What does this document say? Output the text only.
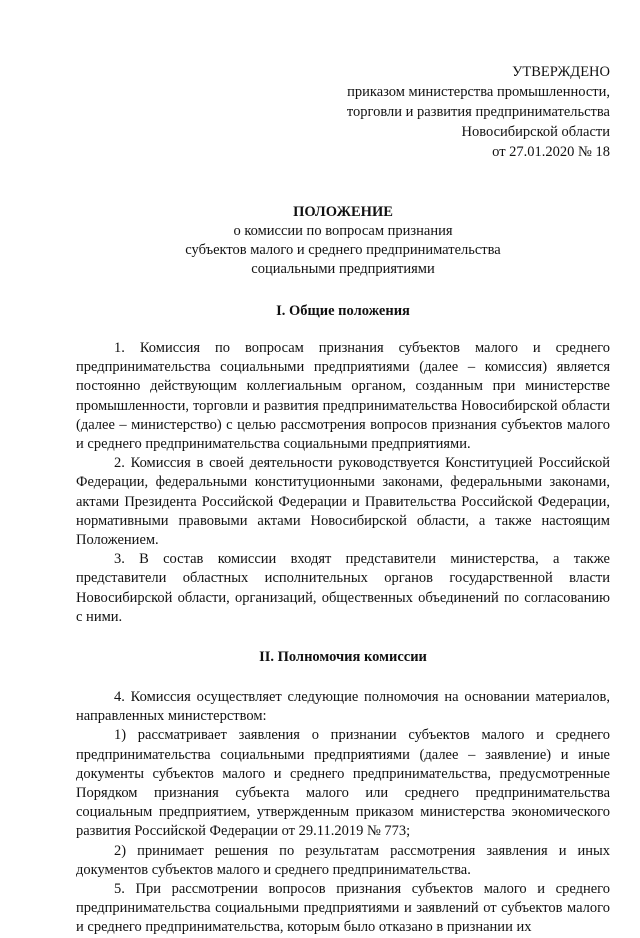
УТВЕРЖДЕНО
приказом министерства промышленности,
торговли и развития предпринимательства
Новосибирской области
от 27.01.2020 № 18
ПОЛОЖЕНИЕ
о комиссии по вопросам признания
субъектов малого и среднего предпринимательства
социальными предприятиями
I. Общие положения

1. Комиссия по вопросам признания субъектов малого и среднего предпринимательства социальными предприятиями (далее – комиссия) является постоянно действующим коллегиальным органом, созданным при министерстве промышленности, торговли и развития предпринимательства Новосибирской области (далее – министерство) с целью рассмотрения вопросов признания субъектов малого и среднего предпринимательства социальными предприятиями.

2. Комиссия в своей деятельности руководствуется Конституцией Российской Федерации, федеральными конституционными законами, федеральными законами, актами Президента Российской Федерации и Правительства Российской Федерации, нормативными правовыми актами Новосибирской области, а также настоящим Положением.

3. В состав комиссии входят представители министерства, а также представители областных исполнительных органов государственной власти Новосибирской области, организаций, общественных объединений по согласованию с ними.

II. Полномочия комиссии

4. Комиссия осуществляет следующие полномочия на основании материалов, направленных министерством:

1) рассматривает заявления о признании субъектов малого и среднего предпринимательства социальными предприятиями (далее – заявление) и иные документы субъектов малого и среднего предпринимательства, предусмотренные Порядком признания субъекта малого или среднего предпринимательства социальным предприятием, утвержденным приказом министерства экономического развития Российской Федерации от 29.11.2019 № 773;

2) принимает решения по результатам рассмотрения заявления и иных документов субъектов малого и среднего предпринимательства.

5. При рассмотрении вопросов признания субъектов малого и среднего предпринимательства социальными предприятиями и заявлений от субъектов малого и среднего предпринимательства, которым было отказано в признании их
